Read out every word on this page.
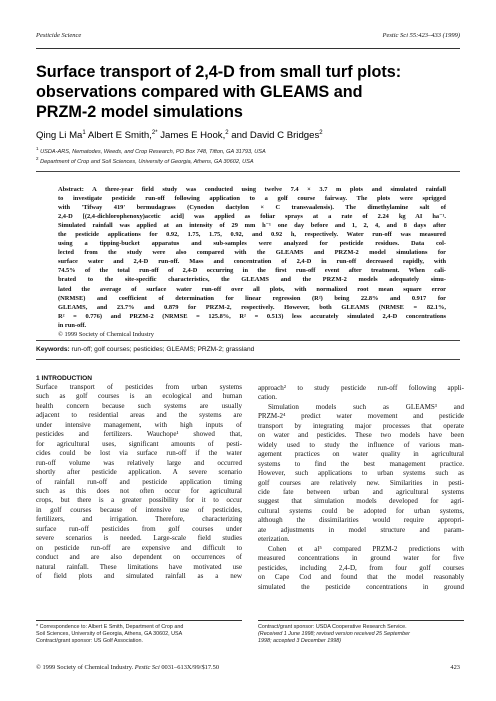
Pesticide Science	Pestic Sci 55:423–433 (1999)
Surface transport of 2,4-D from small turf plots:
observations compared with GLEAMS and
PRZM-2 model simulations
Qing Li Ma$^1$ Albert E Smith,$^{2*}$ James E Hook,$^2$ and David C Bridges$^2$
$^1$ USDA-ARS, Nematodes, Weeds, and Crop Research, PO Box 748, Tifton, GA 31793, USA
$^2$ Department of Crop and Soil Sciences, University of Georgia, Athens, GA 30602, USA
Abstract: A three-year field study was conducted using twelve 7.4 × 3.7 m plots and simulated rainfall
to investigate pesticide run-off following application to a golf course fairway. The plots were sprigged
with 'Tifway 419' bermudagrass (Cynodon dactylon × C transvaalensis). The dimethylamine salt of
2,4-D [(2,4-dichlorophenoxy)acetic acid] was applied as foliar sprays at a rate of 2.24 kg AI ha⁻¹.
Simulated rainfall was applied at an intensity of 29 mm h⁻¹ one day before and 1, 2, 4, and 8 days after
the pesticide applications for 0.92, 1.75, 1.75, 0.92, and 0.92 h, respectively. Water run-off was measured
using a tipping-bucket apparatus and sub-samples were analyzed for pesticide residues. Data col-
lected from the study were also compared with the GLEAMS and PRZM-2 model simulations for
surface water and 2,4-D run-off. Mass and concentration of 2,4-D in run-off decreased rapidly, with
74.5% of the total run-off of 2,4-D occurring in the first run-off event after treatment. When cali-
brated to the site-specific characteristics, the GLEAMS and the PRZM-2 models adequately simu-
lated the average of surface water run-off over all plots, with normalized root mean square error
(NRMSE) and coefficient of determination for linear regression (R²) being 22.8% and 0.917 for
GLEAMS, and 23.7% and 0.879 for PRZM-2, respectively. However, both GLEAMS (NRMSE = 82.1%,
R² = 0.776) and PRZM-2 (NRMSE = 125.8%, R² = 0.513) less accurately simulated 2,4-D concentrations
in run-off.
© 1999 Society of Chemical Industry
Keywords: run-off; golf courses; pesticides; GLEAMS; PRZM-2; grassland
1 INTRODUCTION
Surface transport of pesticides from urban systems
such as golf courses is an ecological and human
health concern because such systems are usually
adjacent to residential areas and the systems are
under intensive management, with high inputs of
pesticides and fertilizers. Wauchope¹ showed that,
for agricultural uses, significant amounts of pesti-
cides could be lost via surface run-off if the water
run-off volume was relatively large and occurred
shortly after pesticide application. A severe scenario
of rainfall run-off and pesticide application timing
such as this does not often occur for agricultural
crops, but there is a greater possibility for it to occur
in golf courses because of intensive use of pesticides,
fertilizers, and irrigation. Therefore, characterizing
surface run-off pesticides from golf courses under
severe scenarios is needed. Large-scale field studies
on pesticide run-off are expensive and difficult to
conduct and are also dependent on occurrences of
natural rainfall. These limitations have motivated use
of field plots and simulated rainfall as a new
approach² to study pesticide run-off following appli-
cation.
Simulation models such as GLEAMS³ and
PRZM-2⁴ predict water movement and pesticide
transport by integrating major processes that operate
on water and pesticides. These two models have been
widely used to study the influence of various man-
agement practices on water quality in agricultural
systems to find the best management practice.
However, such applications to urban systems such as
golf courses are relatively new. Similarities in pesti-
cide fate between urban and agricultural systems
suggest that simulation models developed for agri-
cultural systems could be adopted for urban systems,
although the dissimilarities would require appropri-
ate adjustments in model structure and param-
eterization.
Cohen et al⁵ compared PRZM-2 predictions with
measured concentrations in ground water for five
pesticides, including 2,4-D, from four golf courses
on Cape Cod and found that the model reasonably
simulated the pesticide concentrations in ground
* Correspondence to: Albert E Smith, Department of Crop and
Soil Sciences, University of Georgia, Athens, GA 30602, USA
Contract/grant sponsor: US Golf Association.
Contract/grant sponsor: USDA Cooperative Research Service.
(Received 1 June 1998; revised version received 25 September
1998; accepted 3 December 1998)
© 1999 Society of Chemical Industry. Pestic Sci 0031–613X/99/$17.50	423
